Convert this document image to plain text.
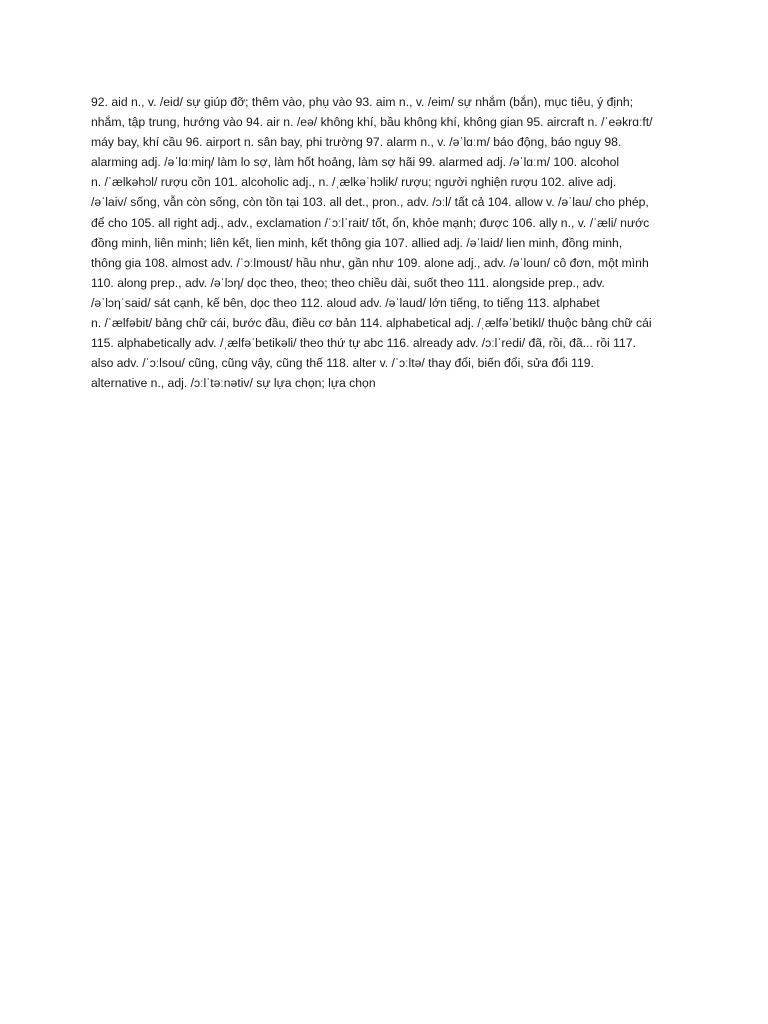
92. aid n., v. /eid/ sự giúp đỡ; thêm vào, phụ vào 93. aim n., v. /eim/ sự nhắm (bắn), mục tiêu, ý định;
nhắm, tập trung, hướng vào 94. air n. /eə/ không khí, bầu không khí, không gian 95. aircraft n. /ˈeəkrɑːft/
máy bay, khí cầu 96. airport n. sân bay, phi trường 97. alarm n., v. /əˈlɑːm/ báo động, báo nguy 98.
alarming adj. /əˈlɑːmiη/ làm lo sợ, làm hốt hoảng, làm sợ hãi 99. alarmed adj. /əˈlɑːm/ 100. alcohol
n. /ˈælkəhɔl/ rượu cồn 101. alcoholic adj., n. /ˌælkəˈhɔlik/ rượu; người nghiện rượu 102. alive adj.
/əˈlaiv/ sống, vẫn còn sống, còn tồn tại 103. all det., pron., adv. /ɔːl/ tất cả 104. allow v. /əˈlau/ cho phép,
để cho 105. all right adj., adv., exclamation /ˈɔːlˈrait/ tốt, ổn, khỏe mạnh; được 106. ally n., v. /ˈæli/ nước
đồng minh, liên minh; liên kết, lien minh, kết thông gia 107. allied adj. /əˈlaid/ lien minh, đồng minh,
thông gia 108. almost adv. /ˈɔːlmoust/ hầu như, gần như 109. alone adj., adv. /əˈloun/ cô đơn, một mình
110. along prep., adv. /əˈlɔη/ dọc theo, theo; theo chiều dài, suốt theo 111. alongside prep., adv.
/əˈlɔηˈsaid/ sát cạnh, kế bên, dọc theo 112. aloud adv. /əˈlaud/ lớn tiếng, to tiếng 113. alphabet
n. /ˈælfəbit/ bảng chữ cái, bước đầu, điều cơ bản 114. alphabetical adj. /ˌælfəˈbetikl/ thuộc bảng chữ cái
115. alphabetically adv. /ˌælfəˈbetikəli/ theo thứ tự abc 116. already adv. /ɔːlˈredi/ đã, rồi, đã... rồi 117.
also adv. /ˈɔːlsou/ cũng, cũng vậy, cũng thế 118. alter v. /ˈɔːltə/ thay đổi, biến đổi, sửa đổi 119.
alternative n., adj. /ɔːlˈtəːnətiv/ sự lựa chọn; lựa chọn
